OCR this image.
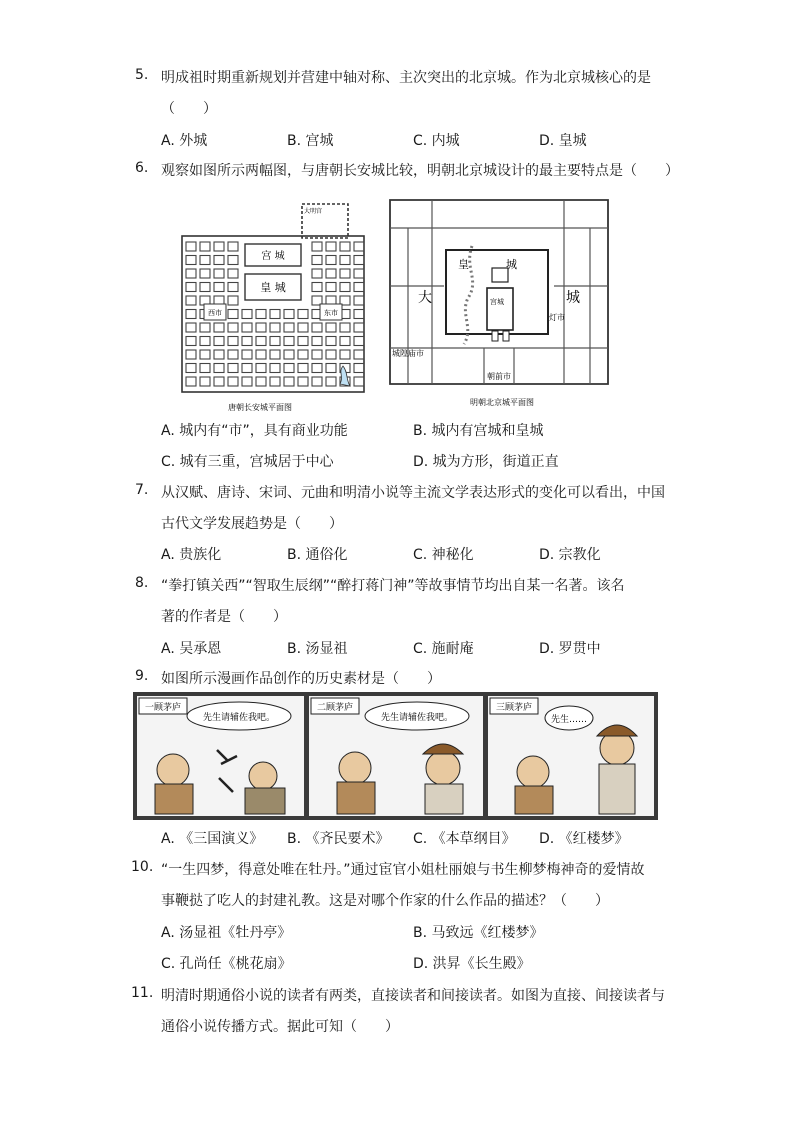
5. 明成祖时期重新规划并营建中轴对称、主次突出的北京城。作为北京城核心的是
（　　）
A. 外城	B. 宫城	C. 内城	D. 皇城
6. 观察如图所示两幅图，与唐朝长安城比较，明朝北京城设计的最主要特点是（　　）
大明宫
宫 城
皇 城
西市	东市
唐朝长安城平面图
皇	城
宫城
大	城
灯市
城隍庙市
朝前市
明朝北京城平面图
A. 城内有“市”，具有商业功能	B. 城内有宫城和皇城
C. 城有三重，宫城居于中心	D. 城为方形，街道正直
7. 从汉赋、唐诗、宋词、元曲和明清小说等主流文学表达形式的变化可以看出，中国
古代文学发展趋势是（　　）
A. 贵族化	B. 通俗化	C. 神秘化	D. 宗教化
8. “拳打镇关西”“智取生辰纲”“醉打蒋门神”等故事情节均出自某一名著。该名
著的作者是（　　）
A. 吴承恩	B. 汤显祖	C. 施耐庵	D. 罗贯中
9. 如图所示漫画作品创作的历史素材是（　　）
一顾茅庐
先生请辅佐我吧。
二顾茅庐
先生请辅佐我吧。
三顾茅庐
先生……
A. 《三国演义》 B. 《齐民要术》 C. 《本草纲目》 D. 《红楼梦》
10. “一生四梦，得意处唯在牡丹。”通过宦官小姐杜丽娘与书生柳梦梅神奇的爱情故
事鞭挞了吃人的封建礼教。这是对哪个作家的什么作品的描述？（　　）
A. 汤显祖《牡丹亭》	B. 马致远《红楼梦》
C. 孔尚任《桃花扇》	D. 洪昇《长生殿》
11. 明清时期通俗小说的读者有两类，直接读者和间接读者。如图为直接、间接读者与
通俗小说传播方式。据此可知（　　）
